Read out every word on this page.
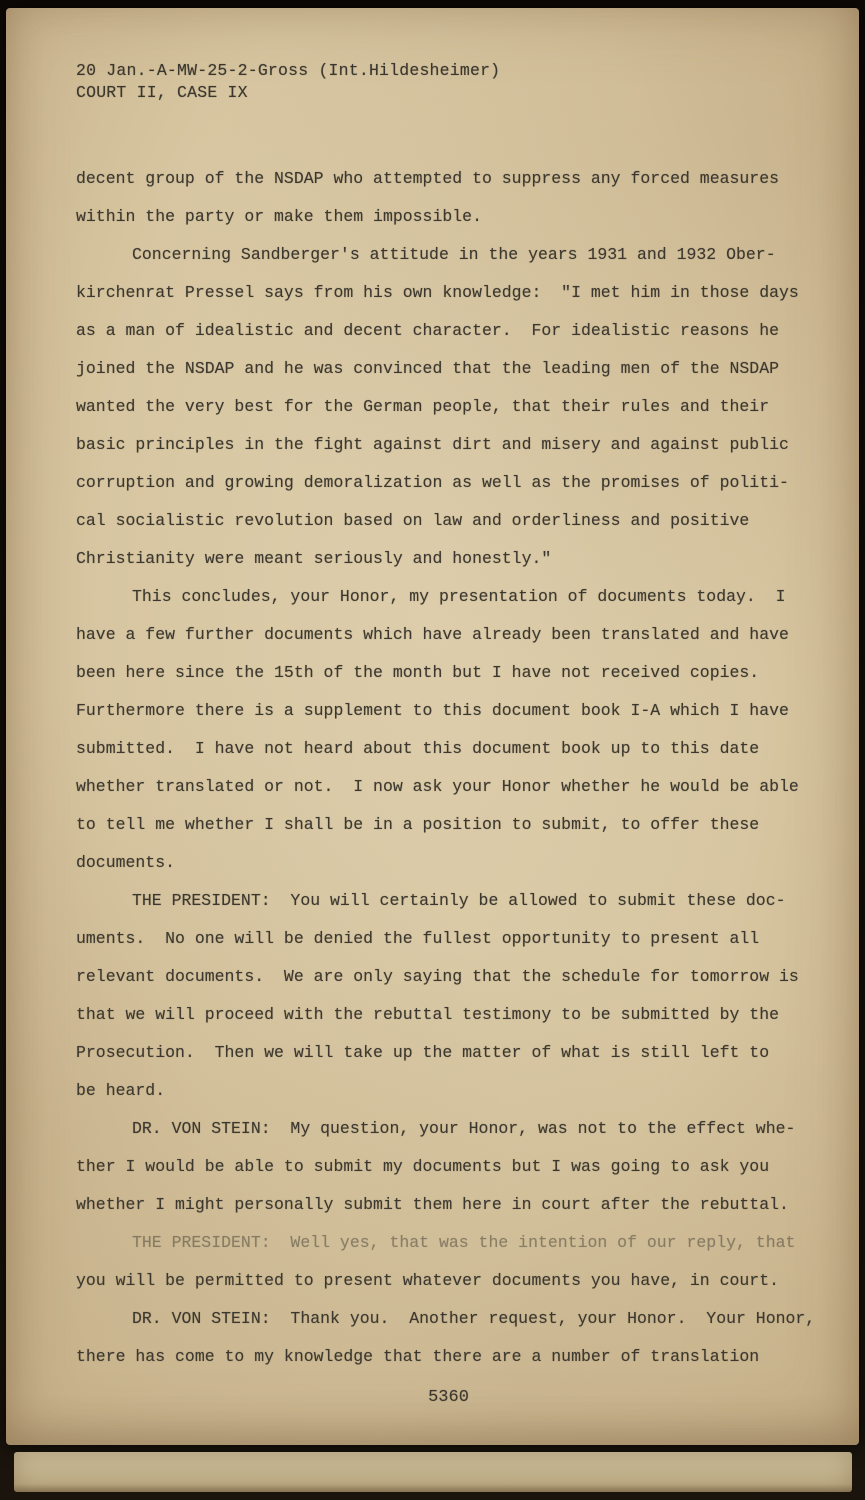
20 Jan.-A-MW-25-2-Gross (Int.Hildesheimer)
COURT II, CASE IX
decent group of the NSDAP who attempted to suppress any forced measures
within the party or make them impossible.
Concerning Sandberger's attitude in the years 1931 and 1932 Ober-
kirchenrat Pressel says from his own knowledge:  "I met him in those days
as a man of idealistic and decent character.  For idealistic reasons he
joined the NSDAP and he was convinced that the leading men of the NSDAP
wanted the very best for the German people, that their rules and their
basic principles in the fight against dirt and misery and against public
corruption and growing demoralization as well as the promises of politi-
cal socialistic revolution based on law and orderliness and positive
Christianity were meant seriously and honestly."
This concludes, your Honor, my presentation of documents today.  I
have a few further documents which have already been translated and have
been here since the 15th of the month but I have not received copies.
Furthermore there is a supplement to this document book I-A which I have
submitted.  I have not heard about this document book up to this date
whether translated or not.  I now ask your Honor whether he would be able
to tell me whether I shall be in a position to submit, to offer these
documents.
THE PRESIDENT:  You will certainly be allowed to submit these doc-
uments.  No one will be denied the fullest opportunity to present all
relevant documents.  We are only saying that the schedule for tomorrow is
that we will proceed with the rebuttal testimony to be submitted by the
Prosecution.  Then we will take up the matter of what is still left to
be heard.
DR. VON STEIN:  My question, your Honor, was not to the effect whe-
ther I would be able to submit my documents but I was going to ask you
whether I might personally submit them here in court after the rebuttal.
THE PRESIDENT:  Well yes, that was the intention of our reply, that
you will be permitted to present whatever documents you have, in court.
DR. VON STEIN:  Thank you.  Another request, your Honor.  Your Honor,
there has come to my knowledge that there are a number of translation
5360
